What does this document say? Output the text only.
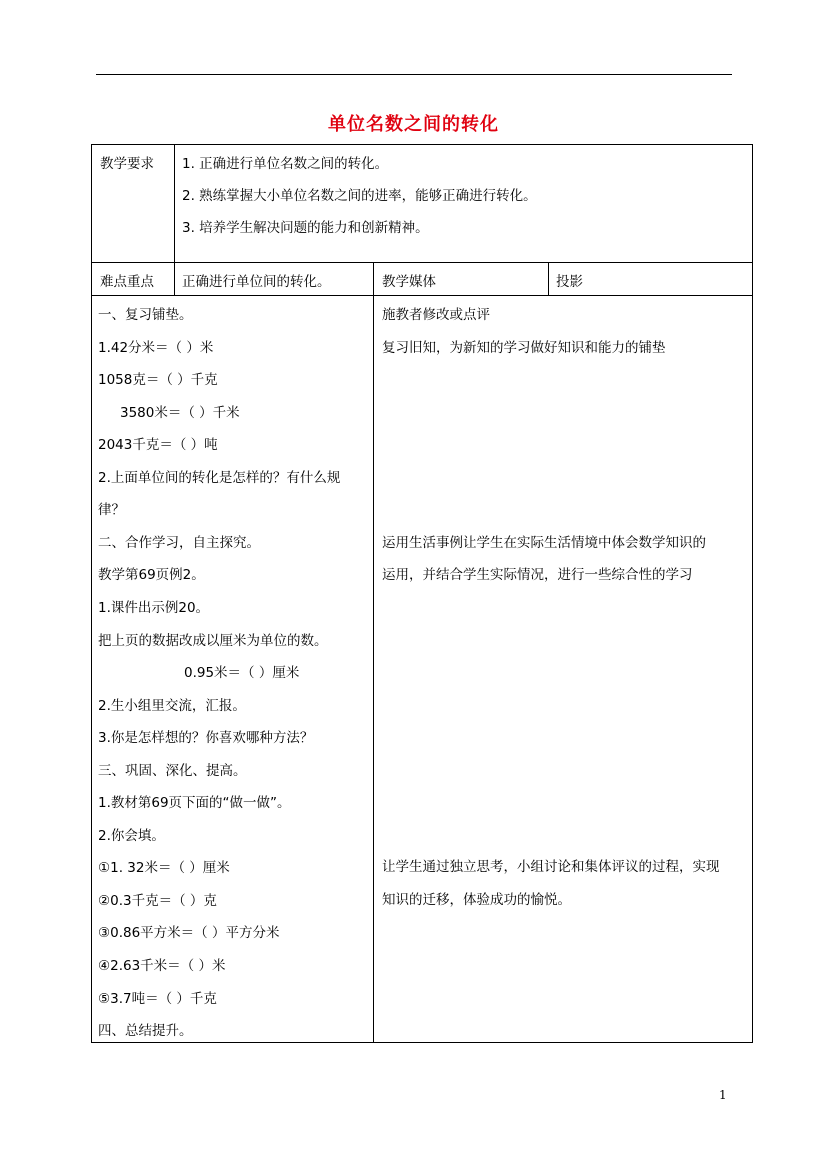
单位名数之间的转化
教学要求 1. 正确进行单位名数之间的转化。
2. 熟练掌握大小单位名数之间的进率，能够正确进行转化。
3. 培养学生解决问题的能力和创新精神。
难点重点 正确进行单位间的转化。	教学媒体	投影
施教者修改或点评
复习旧知，为新知的学习做好知识和能力的铺垫
运用生活事例让学生在实际生活情境中体会数学知识的
运用，并结合学生实际情况，进行一些综合性的学习
让学生通过独立思考，小组讨论和集体评议的过程，实现
知识的迁移，体验成功的愉悦。
一、复习铺垫。
1.42分米＝（ ）米
1058克＝（ ）千克
3580米＝（ ）千米
2043千克＝（ ）吨
2.上面单位间的转化是怎样的？有什么规
律？
二、合作学习，自主探究。
教学第69页例2。
1.课件出示例20。
把上页的数据改成以厘米为单位的数。
0.95米＝（ ）厘米
2.生小组里交流，汇报。
3.你是怎样想的？你喜欢哪种方法？
三、巩固、深化、提高。
1.教材第69页下面的“做一做”。
2.你会填。
①1. 32米＝（ ）厘米
②0.3千克＝（ ）克
③0.86平方米＝（ ）平方分米
④2.63千米＝（ ）米
⑤3.7吨＝（ ）千克
四、总结提升。
1
